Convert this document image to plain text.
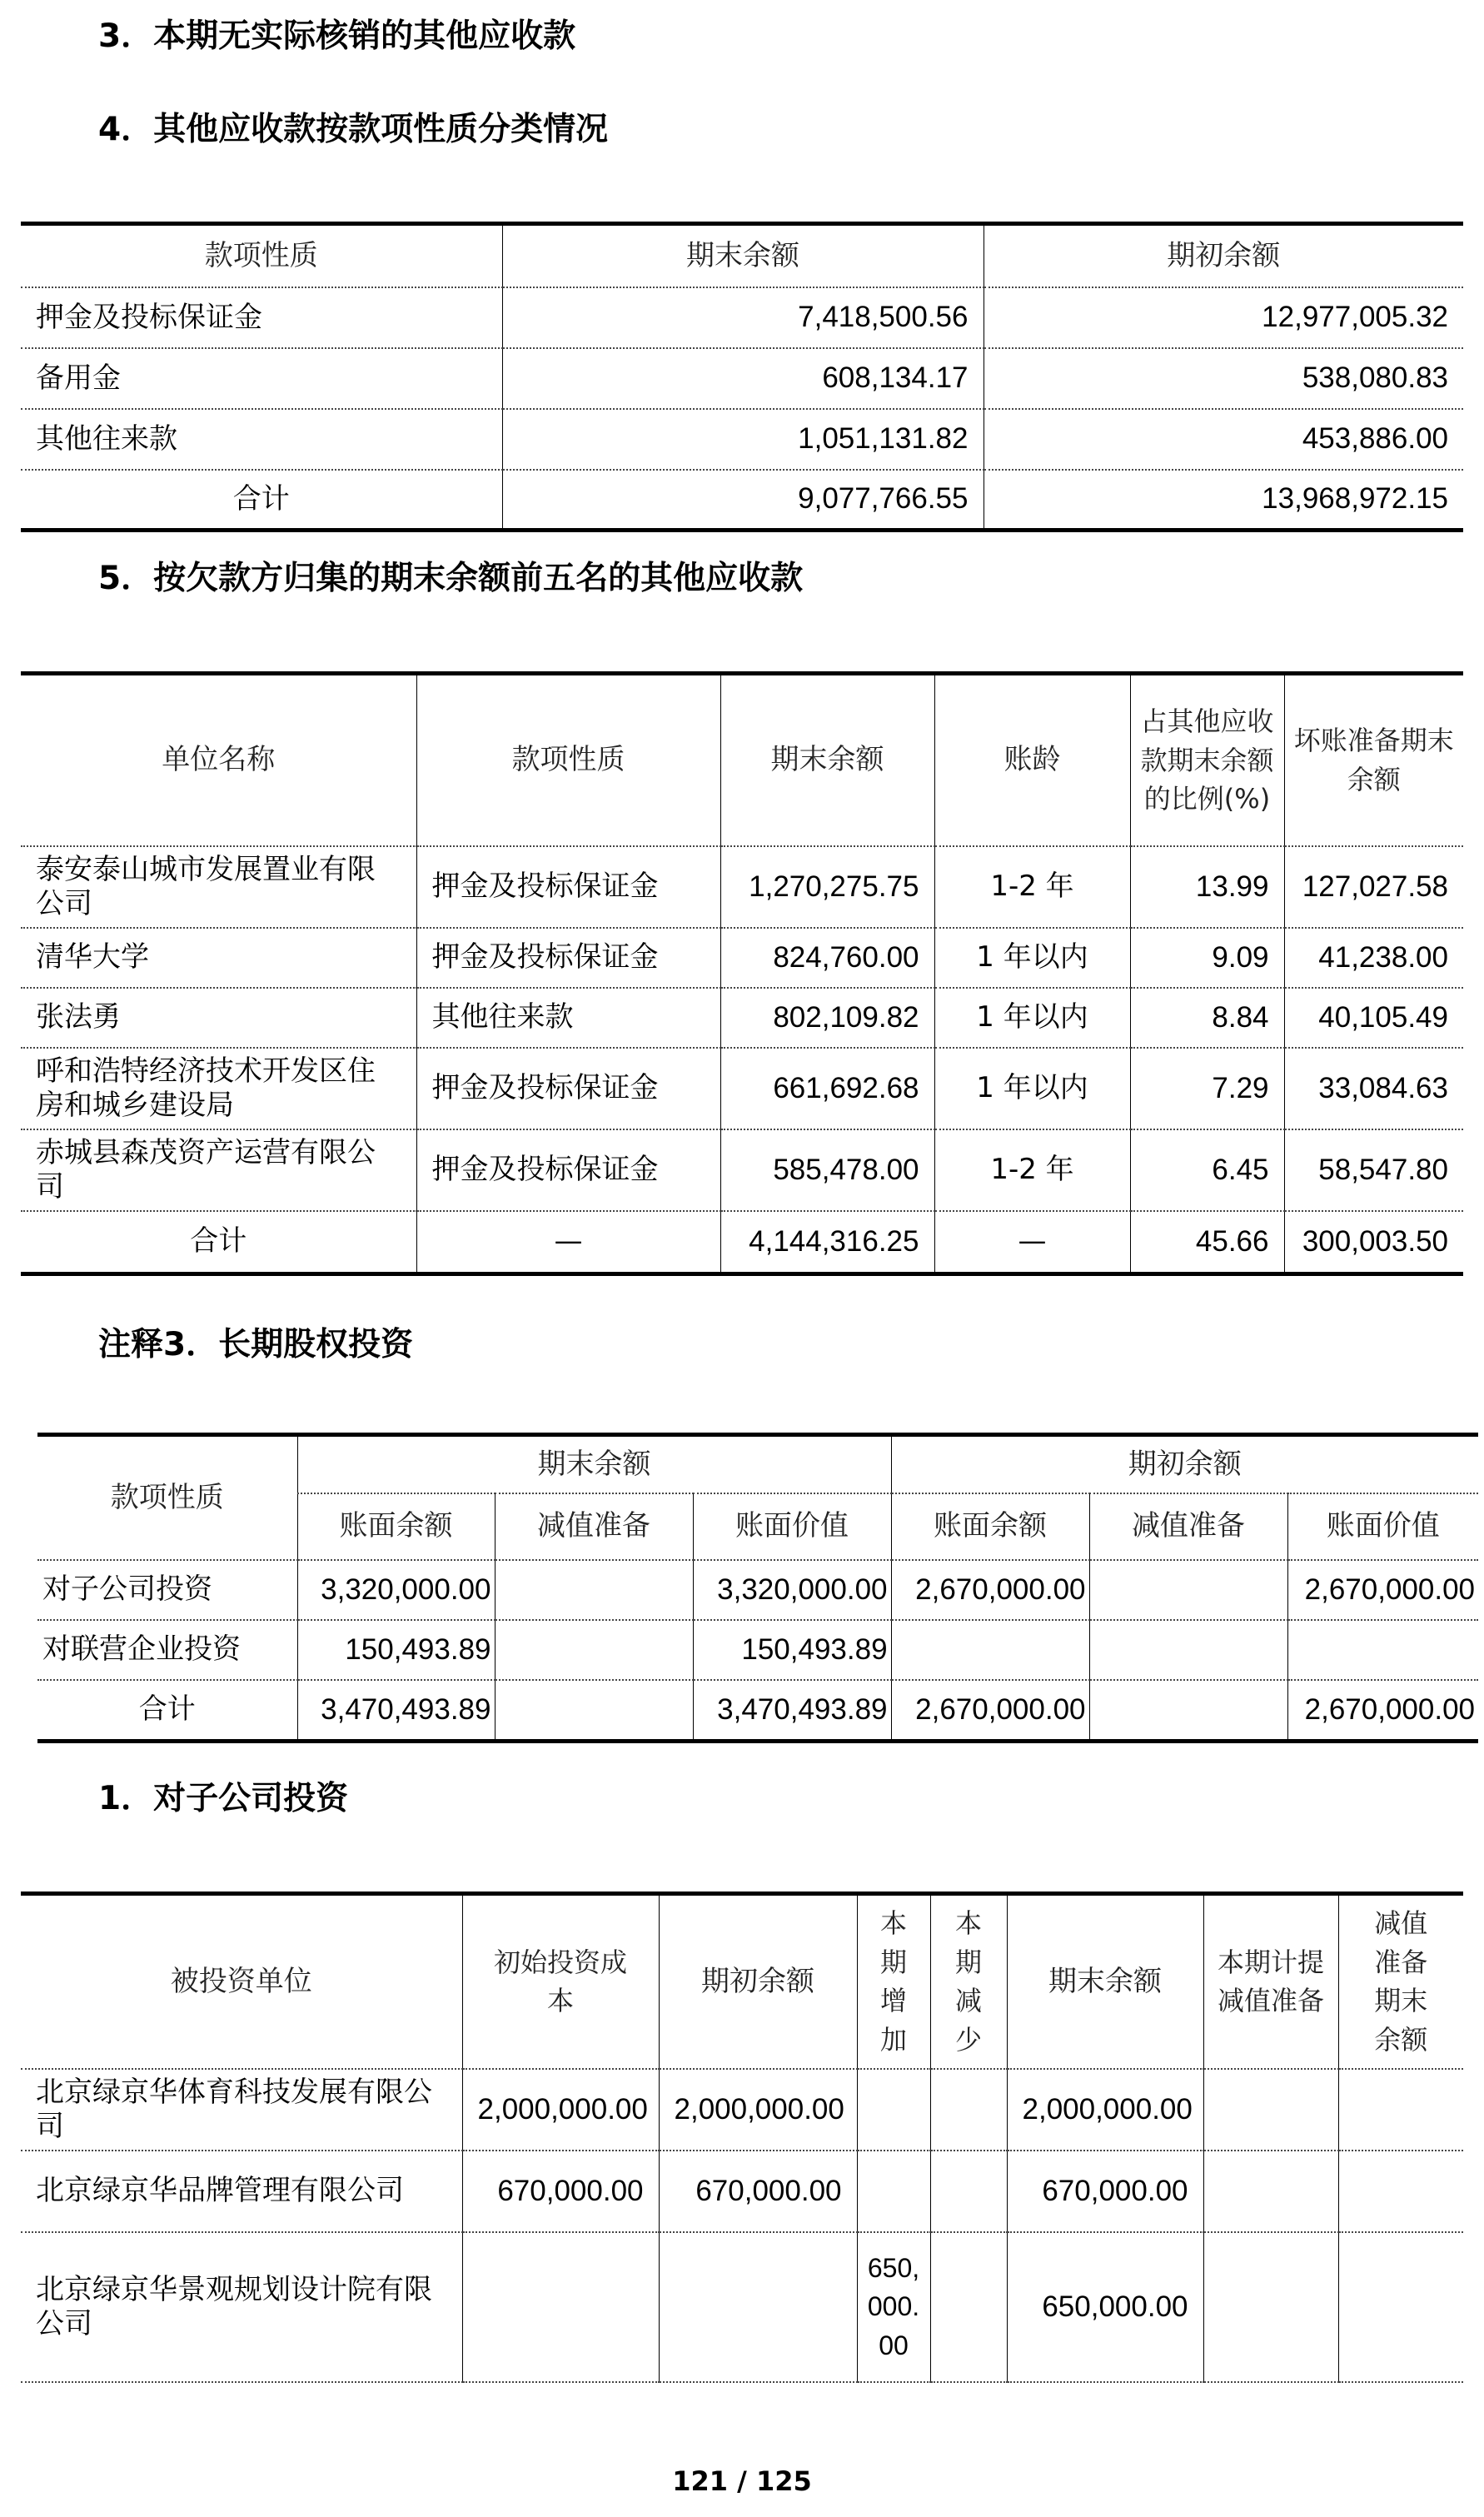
3．本期无实际核销的其他应收款
4．其他应收款按款项性质分类情况
款项性质	期末余额	期初余额
押金及投标保证金	7,418,500.56	12,977,005.32
备用金	608,134.17	538,080.83
其他往来款	1,051,131.82	453,886.00
合计	9,077,766.55	13,968,972.15
5．按欠款方归集的期末余额前五名的其他应收款
单位名称	款项性质	期末余额	账龄	占其他应收款期末余额的比例(%)	坏账准备期末余额
泰安泰山城市发展置业有限公司	押金及投标保证金	1,270,275.75	1-2 年	13.99	127,027.58
清华大学	押金及投标保证金	824,760.00	1 年以内	9.09	41,238.00
张法勇	其他往来款	802,109.82	1 年以内	8.84	40,105.49
呼和浩特经济技术开发区住房和城乡建设局	押金及投标保证金	661,692.68	1 年以内	7.29	33,084.63
赤城县森茂资产运营有限公司	押金及投标保证金	585,478.00	1-2 年	6.45	58,547.80
合计	—	4,144,316.25	—	45.66	300,003.50
注释3．长期股权投资
款项性质	期末余额			期初余额		
	账面余额	减值准备	账面价值	账面余额	减值准备	账面价值
对子公司投资	3,320,000.00		3,320,000.00	2,670,000.00		2,670,000.00
对联营企业投资	150,493.89		150,493.89			
合计	3,470,493.89		3,470,493.89	2,670,000.00		2,670,000.00
1．对子公司投资
被投资单位	初始投资成本	期初余额	本期增加	本期减少	期末余额	本期计提减值准备	减值准备期末余额
北京绿京华体育科技发展有限公司	2,000,000.00	2,000,000.00			2,000,000.00		
北京绿京华品牌管理有限公司	670,000.00	670,000.00			670,000.00		
北京绿京华景观规划设计院有限公司			650,000.00		650,000.00		
121 / 125
